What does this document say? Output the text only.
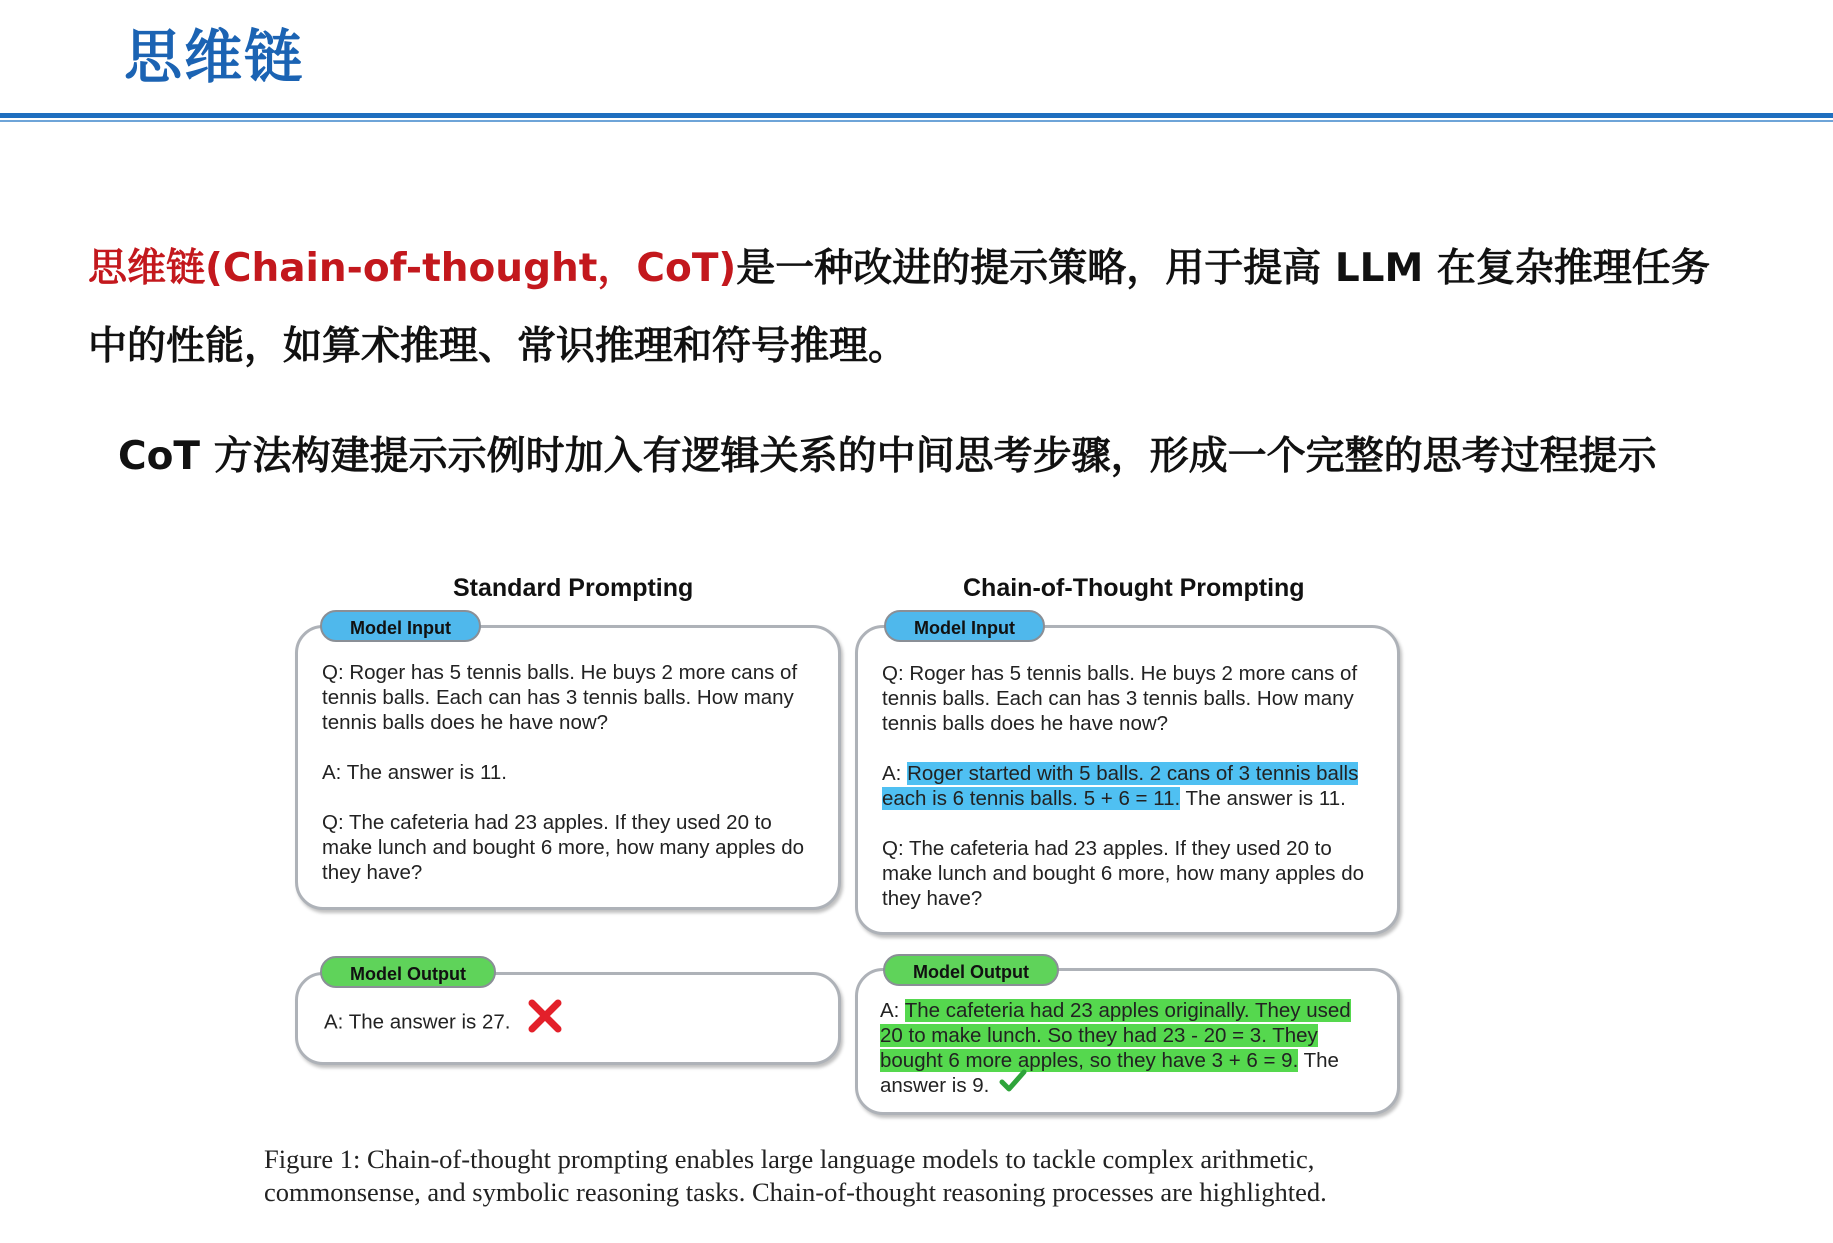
思维链
思维链(Chain-of-thought，CoT)是一种改进的提示策略，用于提高 LLM 在复杂推理任务中的性能，如算术推理、常识推理和符号推理。
CoT 方法构建提示示例时加入有逻辑关系的中间思考步骤，形成一个完整的思考过程提示
Standard Prompting

Q: Roger has 5 tennis balls. He buys 2 more cans of tennis balls. Each can has 3 tennis balls. How many tennis balls does he have now?

A: The answer is 11.

Q: The cafeteria had 23 apples. If they used 20 to make lunch and bought 6 more, how many apples do they have?

Model Input
A: The answer is 27.
Model Output
Chain-of-Thought Prompting

Q: Roger has 5 tennis balls. He buys 2 more cans of tennis balls. Each can has 3 tennis balls. How many tennis balls does he have now?

A: Roger started with 5 balls. 2 cans of 3 tennis balls each is 6 tennis balls. 5 + 6 = 11. The answer is 11.

Q: The cafeteria had 23 apples. If they used 20 to make lunch and bought 6 more, how many apples do they have?

Model Input

A: The cafeteria had 23 apples originally. They used 20 to make lunch. So they had 23 - 20 = 3. They bought 6 more apples, so they have 3 + 6 = 9. The answer is 9.

Model Output
Figure 1: Chain-of-thought prompting enables large language models to tackle complex arithmetic, commonsense, and symbolic reasoning tasks. Chain-of-thought reasoning processes are highlighted.
